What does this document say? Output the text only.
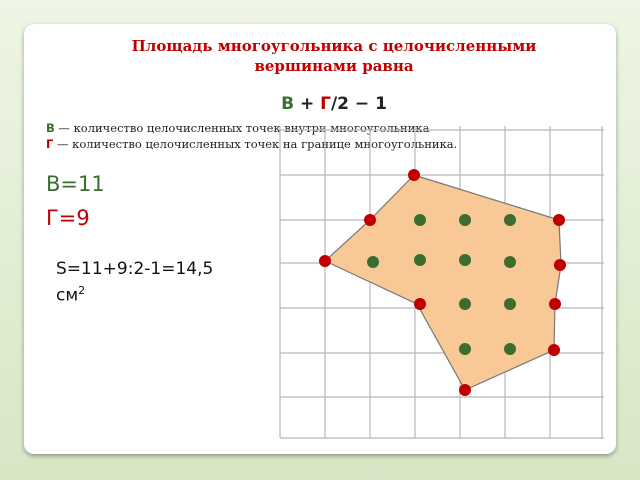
Площадь многоугольника с целочисленными
вершинами равна
В + Г/2 − 1
В — количество целочисленных точек внутри многоугольника
Г — количество целочисленных точек на границе многоугольника.
В=11
Г=9
S=11+9:2-1=14,5
$см^2$
